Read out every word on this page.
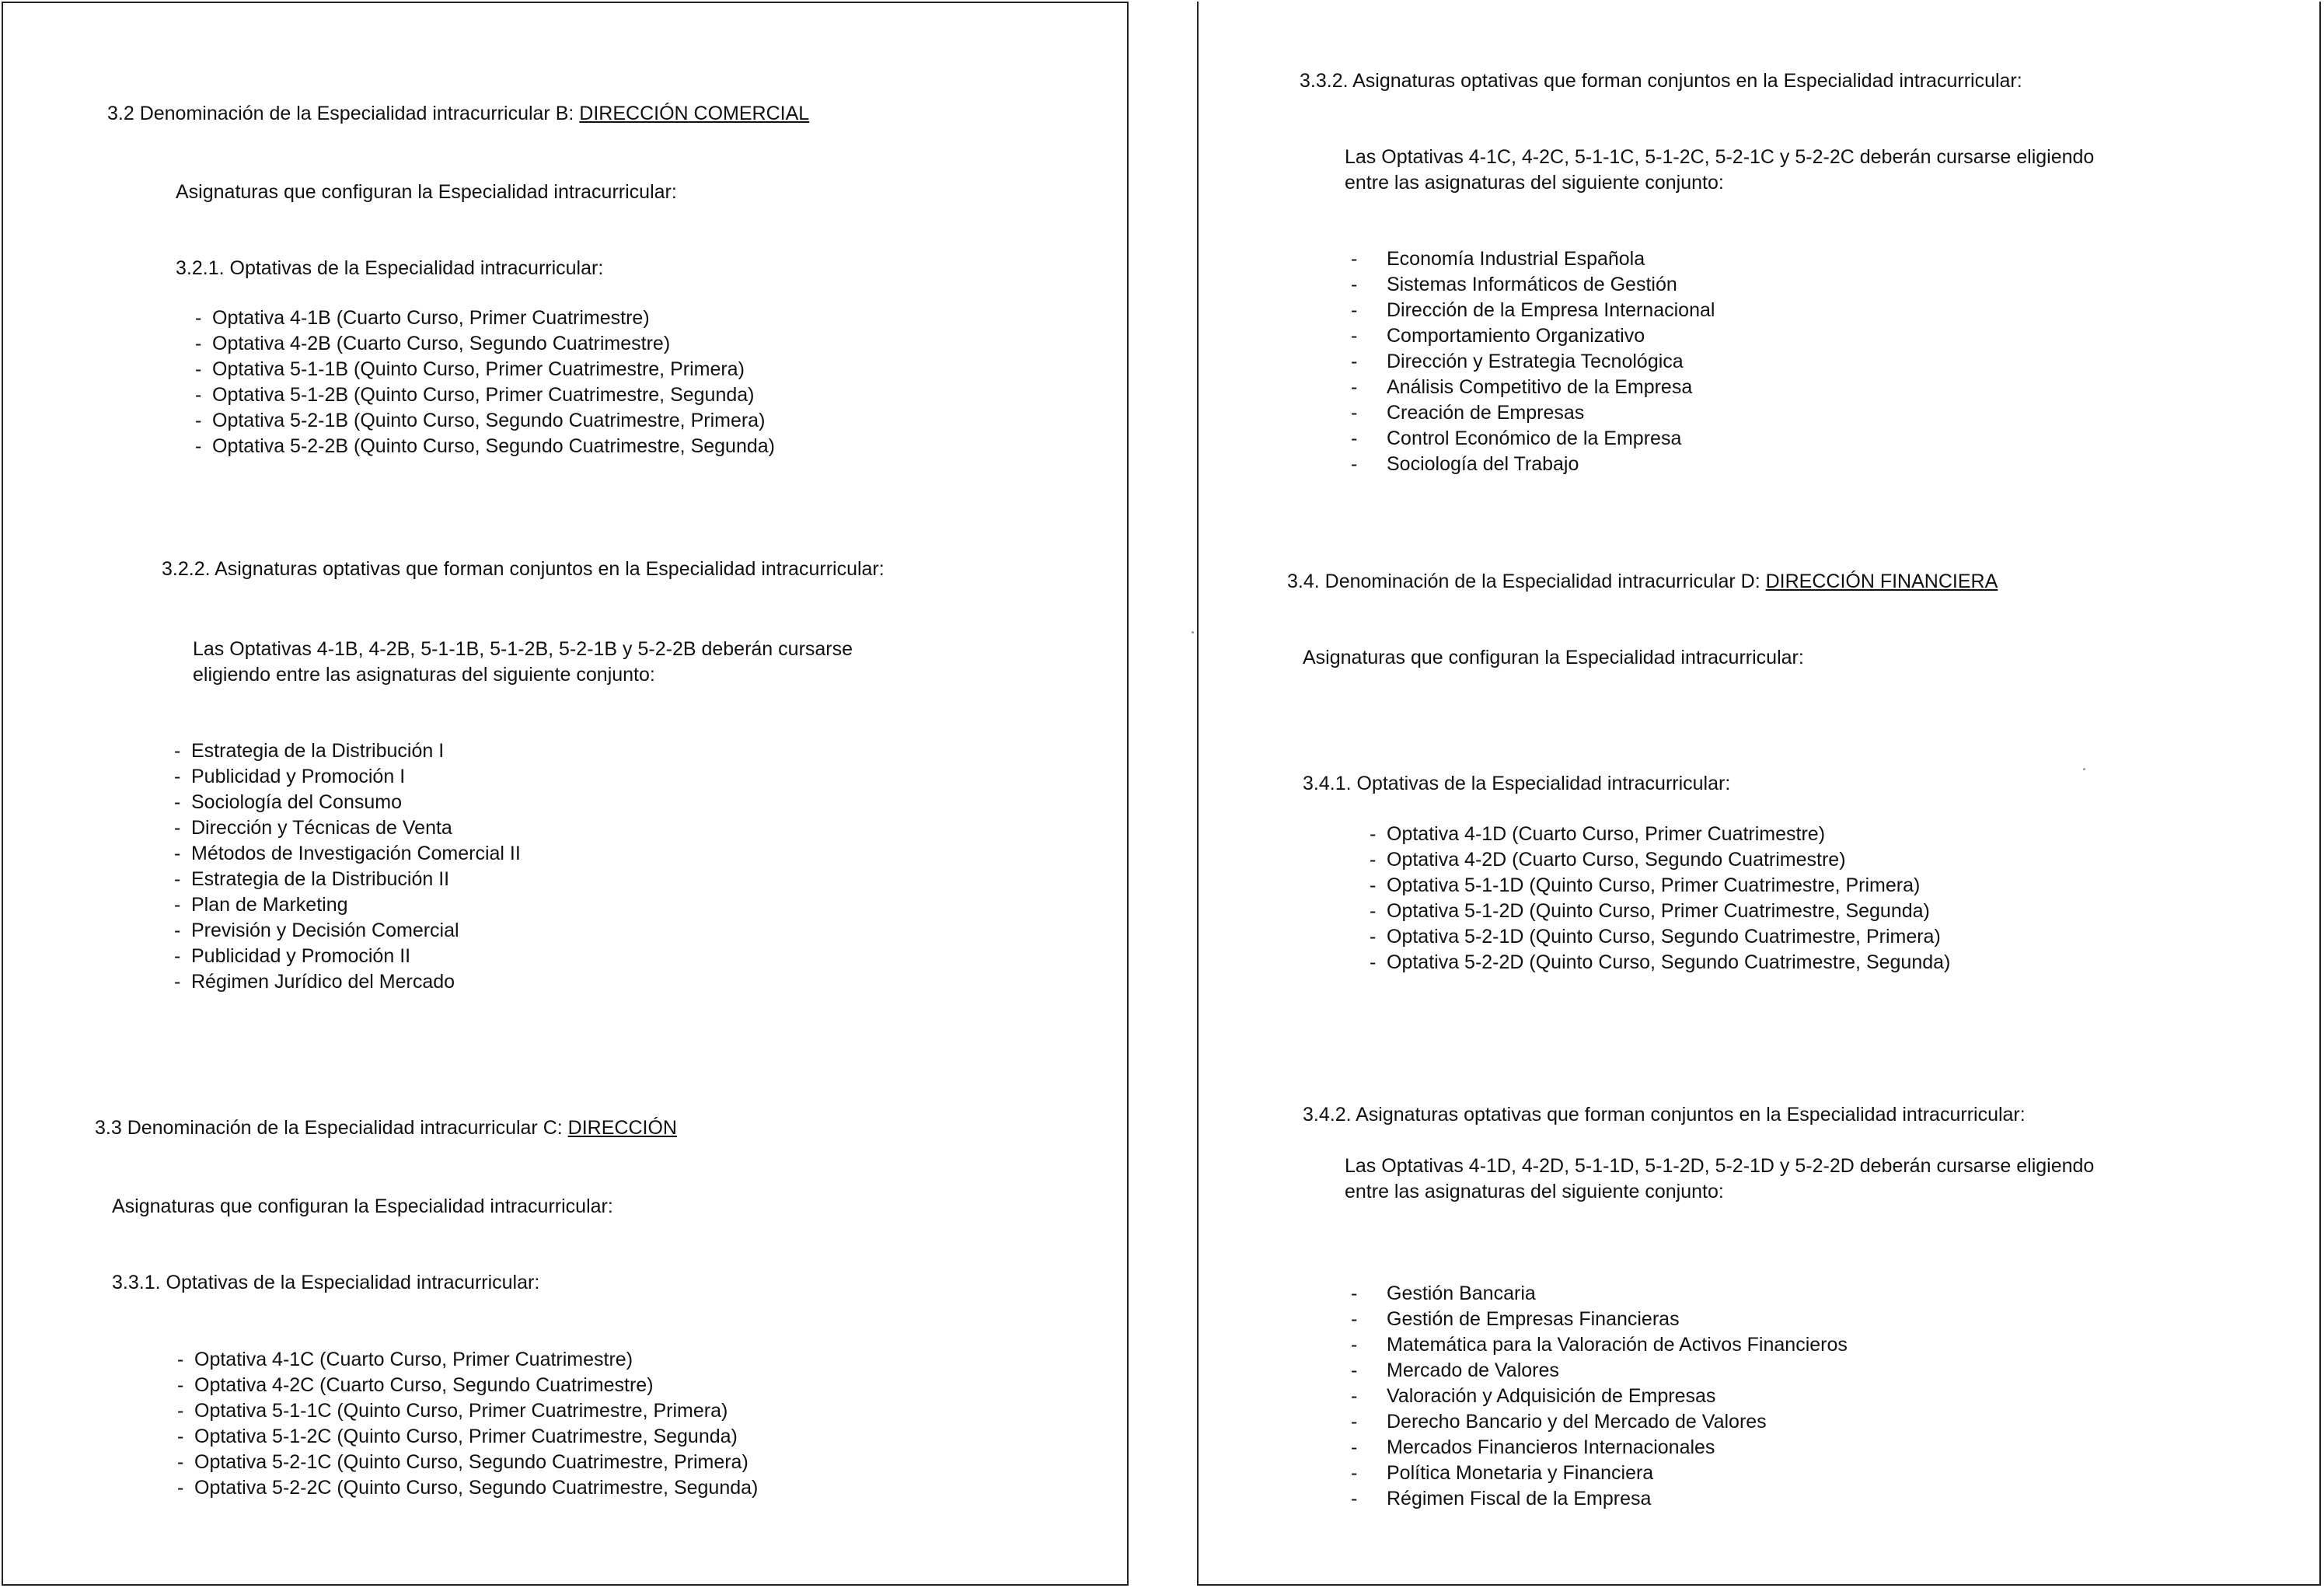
3.2 Denominación de la Especialidad intracurricular B: DIRECCIÓN COMERCIAL
Asignaturas que configuran la Especialidad intracurricular:
3.2.1. Optativas de la Especialidad intracurricular:
- Optativa 4-1B (Cuarto Curso, Primer Cuatrimestre)
- Optativa 4-2B (Cuarto Curso, Segundo Cuatrimestre)
- Optativa 5-1-1B (Quinto Curso, Primer Cuatrimestre, Primera)
- Optativa 5-1-2B (Quinto Curso, Primer Cuatrimestre, Segunda)
- Optativa 5-2-1B (Quinto Curso, Segundo Cuatrimestre, Primera)
- Optativa 5-2-2B (Quinto Curso, Segundo Cuatrimestre, Segunda)
3.2.2. Asignaturas optativas que forman conjuntos en la Especialidad intracurricular:
Las Optativas 4-1B, 4-2B, 5-1-1B, 5-1-2B, 5-2-1B y 5-2-2B deberán cursarse
eligiendo entre las asignaturas del siguiente conjunto:
- Estrategia de la Distribución I
- Publicidad y Promoción I
- Sociología del Consumo
- Dirección y Técnicas de Venta
- Métodos de Investigación Comercial II
- Estrategia de la Distribución II
- Plan de Marketing
- Previsión y Decisión Comercial
- Publicidad y Promoción II
- Régimen Jurídico del Mercado
3.3 Denominación de la Especialidad intracurricular C: DIRECCIÓN
Asignaturas que configuran la Especialidad intracurricular:
3.3.1. Optativas de la Especialidad intracurricular:
- Optativa 4-1C (Cuarto Curso, Primer Cuatrimestre)
- Optativa 4-2C (Cuarto Curso, Segundo Cuatrimestre)
- Optativa 5-1-1C (Quinto Curso, Primer Cuatrimestre, Primera)
- Optativa 5-1-2C (Quinto Curso, Primer Cuatrimestre, Segunda)
- Optativa 5-2-1C (Quinto Curso, Segundo Cuatrimestre, Primera)
- Optativa 5-2-2C (Quinto Curso, Segundo Cuatrimestre, Segunda)
3.3.2. Asignaturas optativas que forman conjuntos en la Especialidad intracurricular:
Las Optativas 4-1C, 4-2C, 5-1-1C, 5-1-2C, 5-2-1C y 5-2-2C deberán cursarse eligiendo
entre las asignaturas del siguiente conjunto:
- Economía Industrial Española
- Sistemas Informáticos de Gestión
- Dirección de la Empresa Internacional
- Comportamiento Organizativo
- Dirección y Estrategia Tecnológica
- Análisis Competitivo de la Empresa
- Creación de Empresas
- Control Económico de la Empresa
- Sociología del Trabajo
3.4. Denominación de la Especialidad intracurricular D: DIRECCIÓN FINANCIERA
Asignaturas que configuran la Especialidad intracurricular:
3.4.1. Optativas de la Especialidad intracurricular:
- Optativa 4-1D (Cuarto Curso, Primer Cuatrimestre)
- Optativa 4-2D (Cuarto Curso, Segundo Cuatrimestre)
- Optativa 5-1-1D (Quinto Curso, Primer Cuatrimestre, Primera)
- Optativa 5-1-2D (Quinto Curso, Primer Cuatrimestre, Segunda)
- Optativa 5-2-1D (Quinto Curso, Segundo Cuatrimestre, Primera)
- Optativa 5-2-2D (Quinto Curso, Segundo Cuatrimestre, Segunda)
3.4.2. Asignaturas optativas que forman conjuntos en la Especialidad intracurricular:
Las Optativas 4-1D, 4-2D, 5-1-1D, 5-1-2D, 5-2-1D y 5-2-2D deberán cursarse eligiendo
entre las asignaturas del siguiente conjunto:
- Gestión Bancaria
- Gestión de Empresas Financieras
- Matemática para la Valoración de Activos Financieros
- Mercado de Valores
- Valoración y Adquisición de Empresas
- Derecho Bancario y del Mercado de Valores
- Mercados Financieros Internacionales
- Política Monetaria y Financiera
- Régimen Fiscal de la Empresa
